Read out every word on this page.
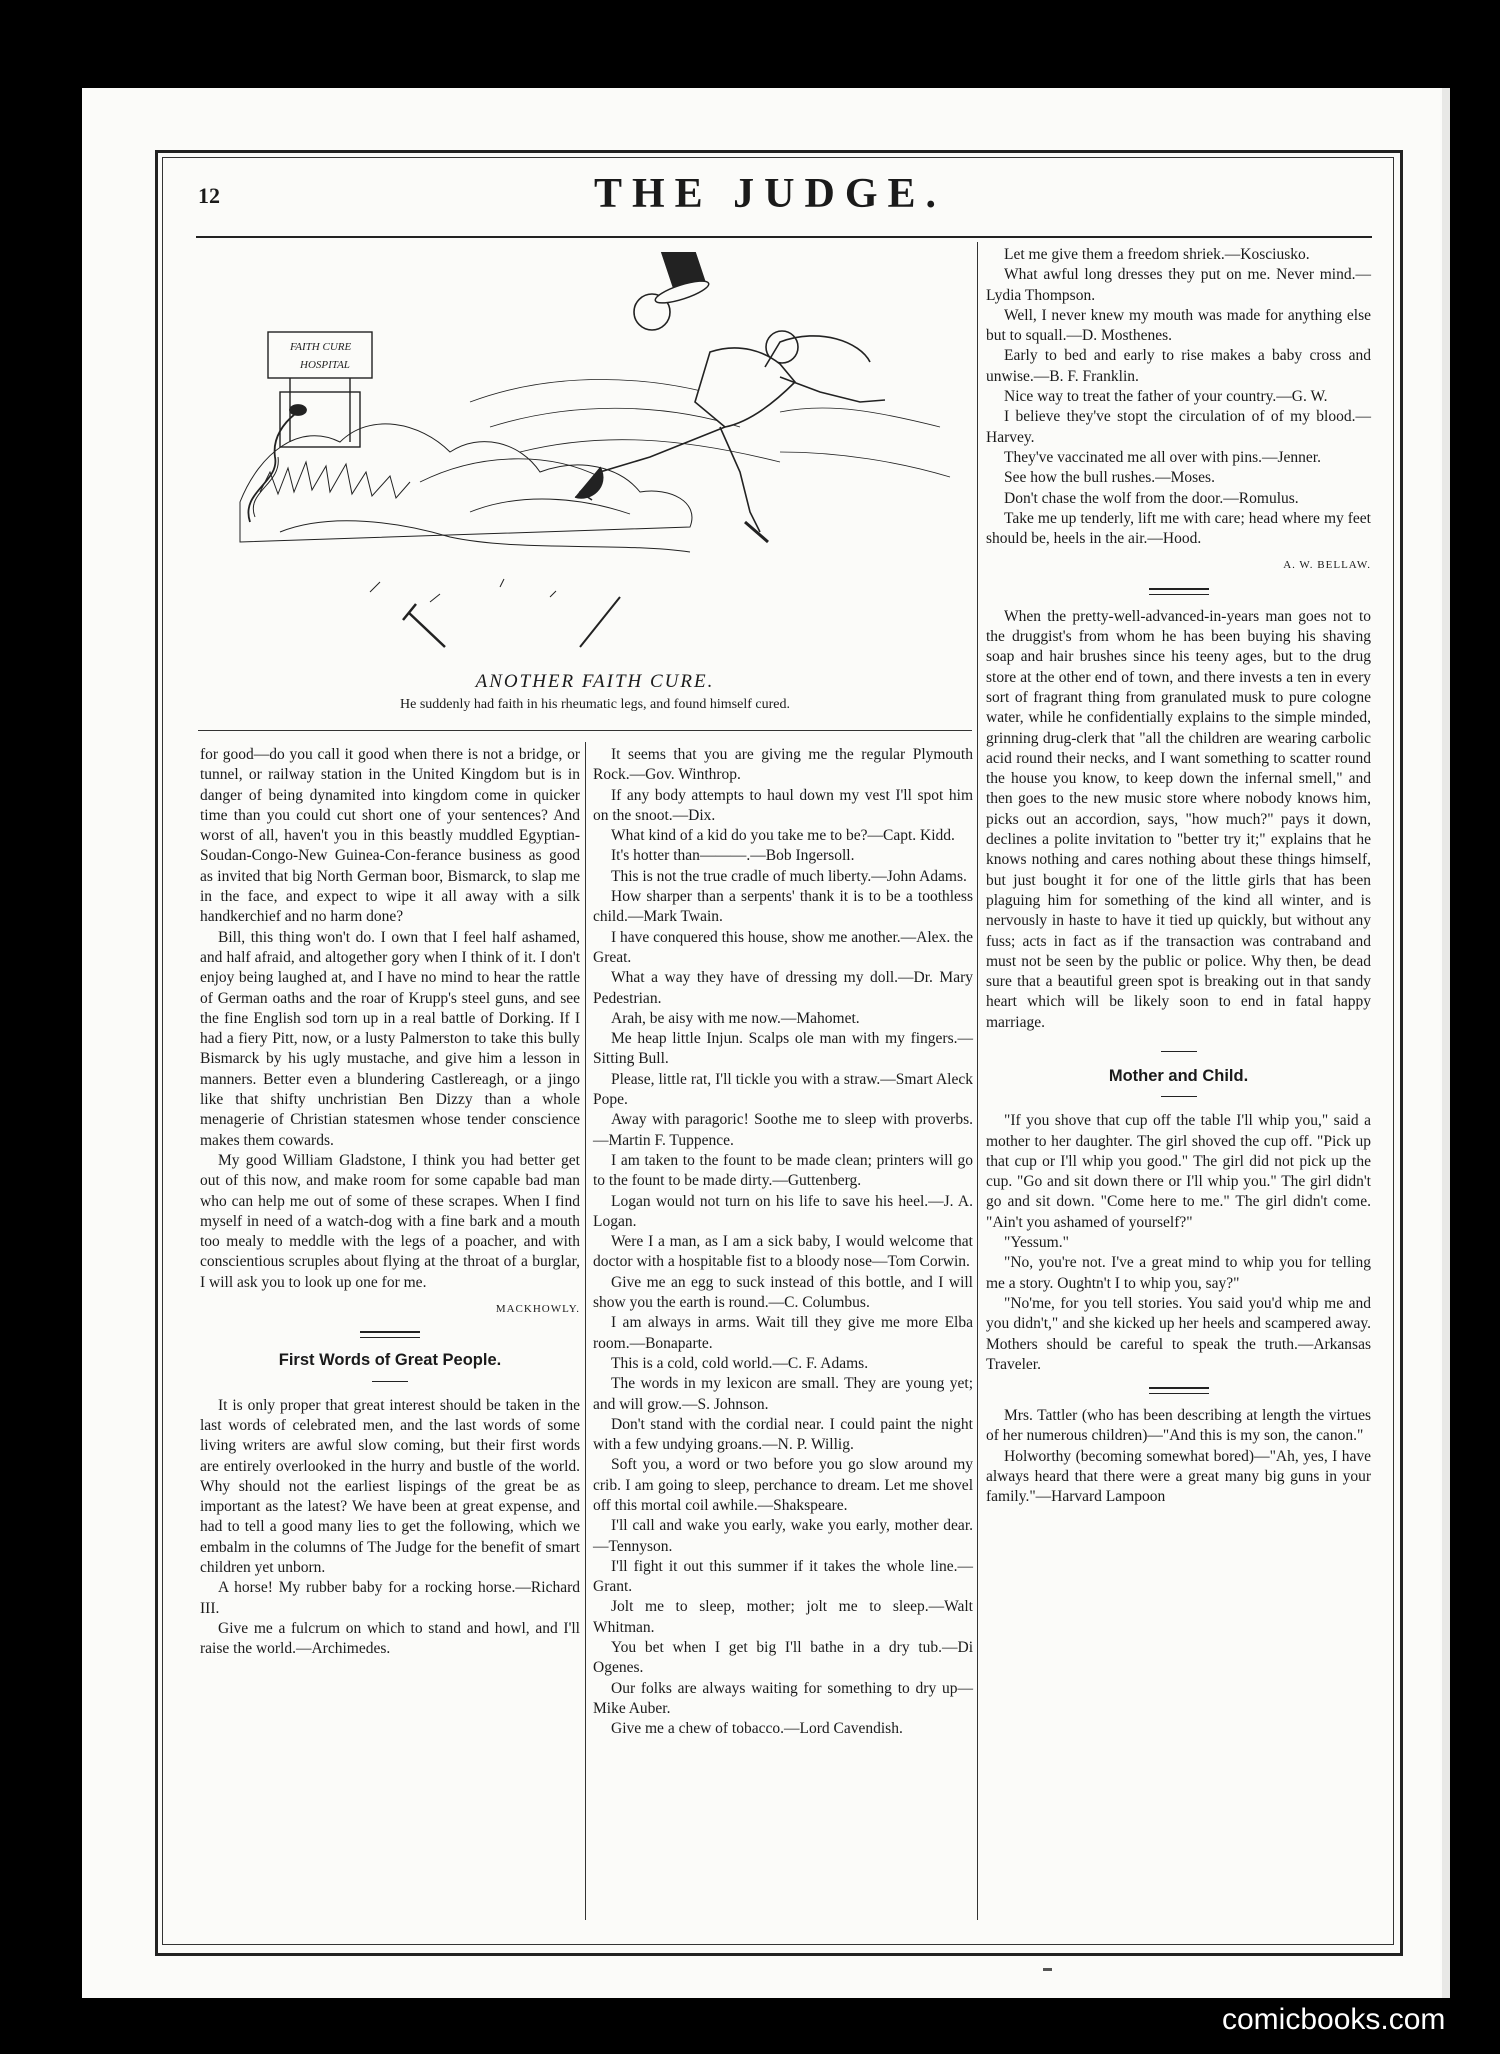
12	THE JUDGE.
FAITH CURE
HOSPITAL
ANOTHER FAITH CURE.
He suddenly had faith in his rheumatic legs, and found himself cured.

for good—do you call it good when there is not a bridge, or tunnel, or railway station in the United Kingdom but is in danger of being dynamited into kingdom come in quicker time than you could cut short one of your sentences? And worst of all, haven't you in this beastly muddled Egyptian-Soudan-Congo-New Guinea-Con-ferance business as good as invited that big North German boor, Bismarck, to slap me in the face, and expect to wipe it all away with a silk handkerchief and no harm done?

Bill, this thing won't do. I own that I feel half ashamed, and half afraid, and altogether gory when I think of it. I don't enjoy being laughed at, and I have no mind to hear the rattle of German oaths and the roar of Krupp's steel guns, and see the fine English sod torn up in a real battle of Dorking. If I had a fiery Pitt, now, or a lusty Palmerston to take this bully Bismarck by his ugly mustache, and give him a lesson in manners. Better even a blundering Castlereagh, or a jingo like that shifty unchristian Ben Dizzy than a whole menagerie of Christian statesmen whose tender conscience makes them cowards.

My good William Gladstone, I think you had better get out of this now, and make room for some capable bad man who can help me out of some of these scrapes. When I find myself in need of a watch-dog with a fine bark and a mouth too mealy to meddle with the legs of a poacher, and with conscientious scruples about flying at the throat of a burglar, I will ask you to look up one for me.

MACKHOWLY.

First Words of Great People.

It is only proper that great interest should be taken in the last words of celebrated men, and the last words of some living writers are awful slow coming, but their first words are entirely overlooked in the hurry and bustle of the world. Why should not the earliest lispings of the great be as important as the latest? We have been at great expense, and had to tell a good many lies to get the following, which we embalm in the columns of The Judge for the benefit of smart children yet unborn.

A horse! My rubber baby for a rocking horse.—Richard III.

Give me a fulcrum on which to stand and howl, and I'll raise the world.—Archimedes.

It seems that you are giving me the regular Plymouth Rock.—Gov. Winthrop.

If any body attempts to haul down my vest I'll spot him on the snoot.—Dix.

What kind of a kid do you take me to be?—Capt. Kidd.

It's hotter than———.—Bob Ingersoll.

This is not the true cradle of much liberty.—John Adams.

How sharper than a serpents' thank it is to be a toothless child.—Mark Twain.

I have conquered this house, show me another.—Alex. the Great.

What a way they have of dressing my doll.—Dr. Mary Pedestrian.

Arah, be aisy with me now.—Mahomet.

Me heap little Injun. Scalps ole man with my fingers.—Sitting Bull.

Please, little rat, I'll tickle you with a straw.—Smart Aleck Pope.

Away with paragoric! Soothe me to sleep with proverbs.—Martin F. Tuppence.

I am taken to the fount to be made clean; printers will go to the fount to be made dirty.—Guttenberg.

Logan would not turn on his life to save his heel.—J. A. Logan.

Were I a man, as I am a sick baby, I would welcome that doctor with a hospitable fist to a bloody nose—Tom Corwin.

Give me an egg to suck instead of this bottle, and I will show you the earth is round.—C. Columbus.

I am always in arms. Wait till they give me more Elba room.—Bonaparte.

This is a cold, cold world.—C. F. Adams.

The words in my lexicon are small. They are young yet; and will grow.—S. Johnson.

Don't stand with the cordial near. I could paint the night with a few undying groans.—N. P. Willig.

Soft you, a word or two before you go slow around my crib. I am going to sleep, perchance to dream. Let me shovel off this mortal coil awhile.—Shakspeare.

I'll call and wake you early, wake you early, mother dear.—Tennyson.

I'll fight it out this summer if it takes the whole line.—Grant.

Jolt me to sleep, mother; jolt me to sleep.—Walt Whitman.

You bet when I get big I'll bathe in a dry tub.—Di Ogenes.

Our folks are always waiting for something to dry up—Mike Auber.

Give me a chew of tobacco.—Lord Cavendish.

Let me give them a freedom shriek.—Kosciusko.

What awful long dresses they put on me. Never mind.—Lydia Thompson.

Well, I never knew my mouth was made for anything else but to squall.—D. Mosthenes.

Early to bed and early to rise makes a baby cross and unwise.—B. F. Franklin.

Nice way to treat the father of your country.—G. W.

I believe they've stopt the circulation of of my blood.—Harvey.

They've vaccinated me all over with pins.—Jenner.

See how the bull rushes.—Moses.

Don't chase the wolf from the door.—Romulus.

Take me up tenderly, lift me with care; head where my feet should be, heels in the air.—Hood.

A. W. BELLAW.

When the pretty-well-advanced-in-years man goes not to the druggist's from whom he has been buying his shaving soap and hair brushes since his teeny ages, but to the drug store at the other end of town, and there invests a ten in every sort of fragrant thing from granulated musk to pure cologne water, while he confidentially explains to the simple minded, grinning drug-clerk that "all the children are wearing carbolic acid round their necks, and I want something to scatter round the house you know, to keep down the infernal smell," and then goes to the new music store where nobody knows him, picks out an accordion, says, "how much?" pays it down, declines a polite invitation to "better try it;" explains that he knows nothing and cares nothing about these things himself, but just bought it for one of the little girls that has been plaguing him for something of the kind all winter, and is nervously in haste to have it tied up quickly, but without any fuss; acts in fact as if the transaction was contraband and must not be seen by the public or police. Why then, be dead sure that a beautiful green spot is breaking out in that sandy heart which will be likely soon to end in fatal happy marriage.

Mother and Child.

"If you shove that cup off the table I'll whip you," said a mother to her daughter. The girl shoved the cup off. "Pick up that cup or I'll whip you good." The girl did not pick up the cup. "Go and sit down there or I'll whip you." The girl didn't go and sit down. "Come here to me." The girl didn't come. "Ain't you ashamed of yourself?"

"Yessum."

"No, you're not. I've a great mind to whip you for telling me a story. Oughtn't I to whip you, say?"

"No'me, for you tell stories. You said you'd whip me and you didn't," and she kicked up her heels and scampered away. Mothers should be careful to speak the truth.—Arkansas Traveler.

Mrs. Tattler (who has been describing at length the virtues of her numerous children)—"And this is my son, the canon."

Holworthy (becoming somewhat bored)—"Ah, yes, I have always heard that there were a great many big guns in your family."—Harvard Lampoon

comicbooks.com
